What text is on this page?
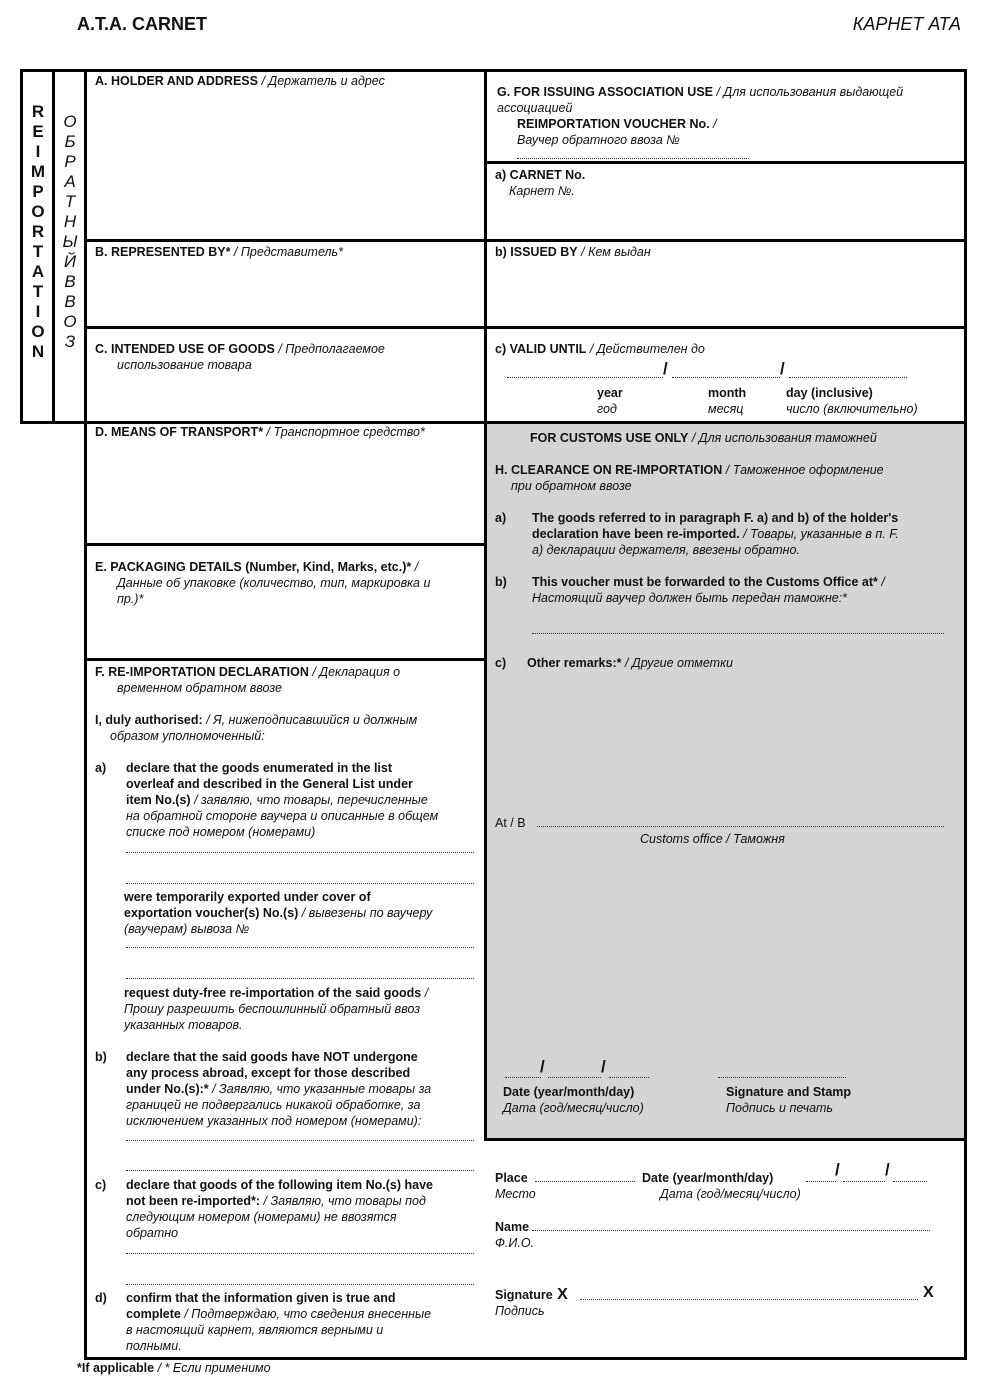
A.T.A. CARNET	КАРНЕТ АТА
R
E
I
M
P
O
R
T
A
T
I
O
N
О
Б
Р
А
Т
Н
Ы
Й
В
В
О
З
A. HOLDER AND ADDRESS / Держатель и адрес
B. REPRESENTED BY* / Представитель*
C. INTENDED USE OF GOODS / Предполагаемое
использование товара
D. MEANS OF TRANSPORT* / Транспортное средство*
E. PACKAGING DETAILS (Number, Kind, Marks, etc.)* /
Данные об упаковке (количество, тип, маркировка и
пр.)*
F. RE-IMPORTATION DECLARATION / Декларация о
временном обратном ввозе
I, duly authorised: / Я, нижеподписавшийся и должным
образом уполномоченный:
a) declare that the goods enumerated in the list
overleaf and described in the General List under
item No.(s) / заявляю, что товары, перечисленные
на обратной стороне ваучера и описанные в общем
списке под номером (номерами)
were temporarily exported under cover of
exportation voucher(s) No.(s) / вывезены по ваучеру
(ваучерам) вывоза №
request duty-free re-importation of the said goods /
Прошу разрешить беспошлинный обратный ввоз
указанных товаров.
b) declare that the said goods have NOT undergone
any process abroad, except for those described
under No.(s):* / Заявляю, что указанные товары за
границей не подвергались никакой обработке, за
исключением указанных под номером (номерами):
c) declare that goods of the following item No.(s) have
not been re-imported*: / Заявляю, что товары под
следующим номером (номерами) не ввозятся
обратно
d) confirm that the information given is true and
complete / Подтверждаю, что сведения внесенные
в настоящий карнет, являются верными и
полными.
G. FOR ISSUING ASSOCIATION USE / Для использования выдающей
ассоциацией
REIMPORTATION VOUCHER No. /
Ваучер обратного ввоза №
a) CARNET No.
Карнет №.
b) ISSUED BY / Кем выдан
c) VALID UNTIL / Действителен до
/	/
year
год
month
месяц
day (inclusive)
число (включительно)
FOR CUSTOMS USE ONLY / Для использования таможней
H. CLEARANCE ON RE-IMPORTATION / Таможенное оформление
при обратном ввозе
a) The goods referred to in paragraph F. a) and b) of the holder's
declaration have been re-imported. / Товары, указанные в п. F.
а) декларации держателя, ввезены обратно.
b) This voucher must be forwarded to the Customs Office at* /
Настоящий ваучер должен быть передан таможне:*
c) Other remarks:* / Другие отметки
At / B
Customs office / Таможня
/	/
Date (year/month/day)
Дата (год/месяц/число)
Signature and Stamp
Подпись и печать
Place
Место
Date (year/month/day)
Дата (год/месяц/число)
/	/
Name
Ф.И.О.
Signature X
Подпись
X
*If applicable / * Если применимо
